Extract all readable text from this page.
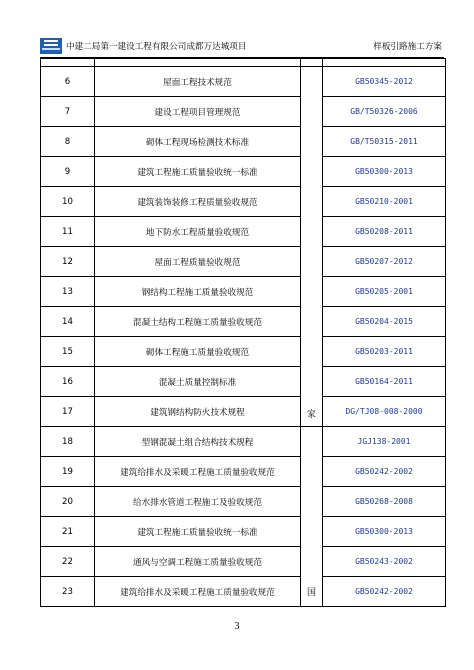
中建二局第一建设工程有限公司成都万达城项目	样板引路施工方案

6	屋面工程技术规范	家	GB50345-2012
7	建设工程项目管理规范		GB/T50326-2006
8	砌体工程现场检测技术标准		GB/T50315-2011
9	建筑工程施工质量验收统一标准		GB50300-2013
10	建筑装饰装修工程质量验收规范		GB50210-2001
11	地下防水工程质量验收规范		GB50208-2011
12	屋面工程质量验收规范		GB50207-2012
13	钢结构工程施工质量验收规范		GB50205-2001
14	混凝土结构工程施工质量验收规范		GB50204-2015
15	砌体工程施工质量验收规范		GB50203-2011
16	混凝土质量控制标准		GB50164-2011
17	建筑钢结构防火技术规程		DG/TJ08-008-2000
18	型钢混凝土组合结构技术规程	国	JGJ138-2001
19	建筑给排水及采暖工程施工质量验收规范		GB50242-2002
20	给水排水管道工程施工及验收规范		GB50268-2008
21	建筑工程施工质量验收统一标准		GB50300-2013
22	通风与空调工程施工质量验收规范		GB50243-2002
23	建筑给排水及采暖工程施工质量验收规范		GB50242-2002
3
